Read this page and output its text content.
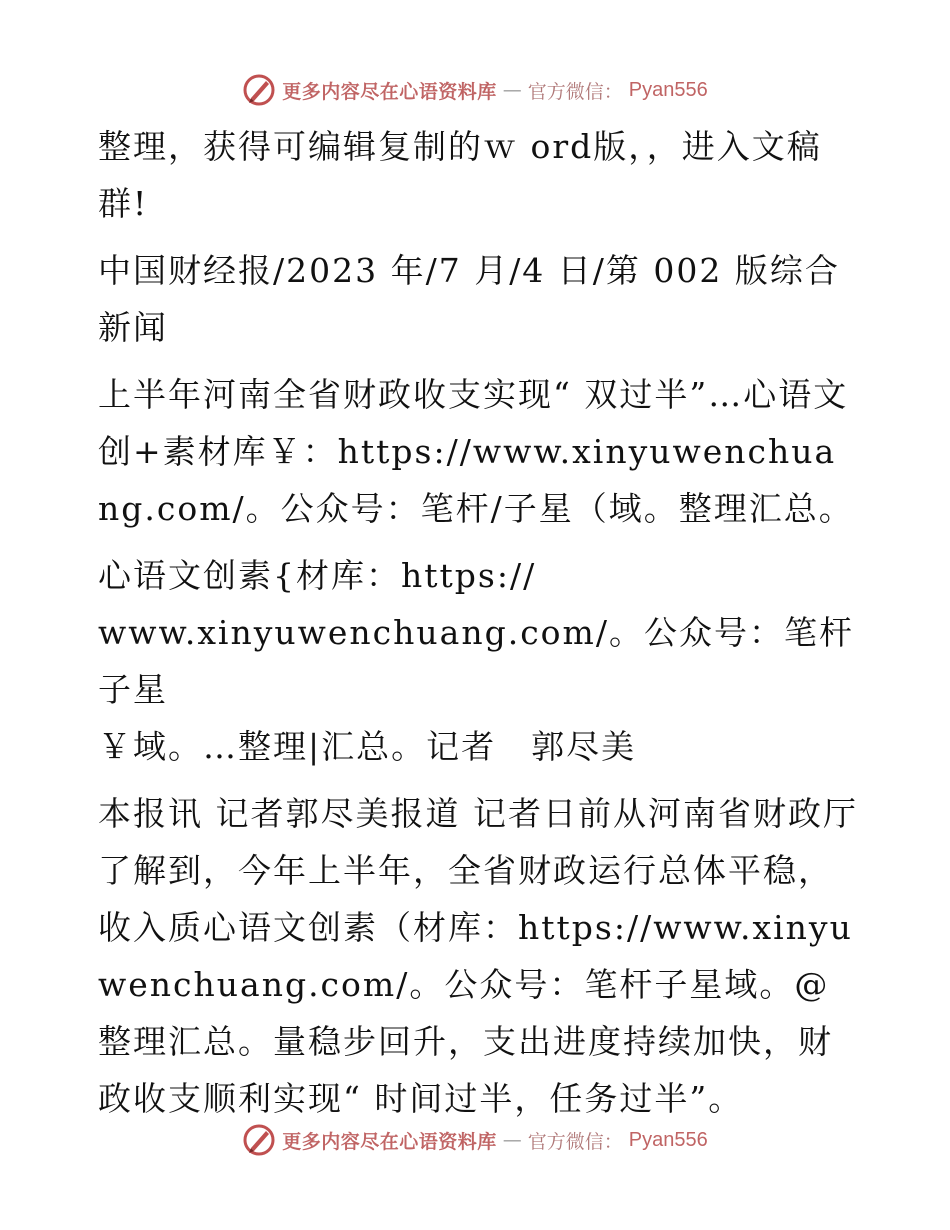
更多内容尽在心语资料库 — 官方微信： Pyan556

整理，获得可编辑复制的ｗ ord版，，进入文稿群!

中国财经报/2023 年/7 月/4 日/第 002 版综合新闻

上半年河南全省财政收支实现“ 双过半”…心语文创+素材库￥：https://www.xinyuwenchuang.com/。公众号：笔杆/子星（域。整理汇总。

心语文创素{材库：https://
www.xinyuwenchuang.com/。公众号：笔杆子星
￥域。…整理|汇总。记者　郭尽美

本报讯 记者郭尽美报道 记者日前从河南省财政厅了解到，今年上半年，全省财政运行总体平稳，收入质心语文创素（材库：https://www.xinyuwenchuang.com/。公众号：笔杆子星域。@整理汇总。量稳步回升，支出进度持续加快，财政收支顺利实现“ 时间过半，任务过半”。

更多内容尽在心语资料库 — 官方微信： Pyan556
